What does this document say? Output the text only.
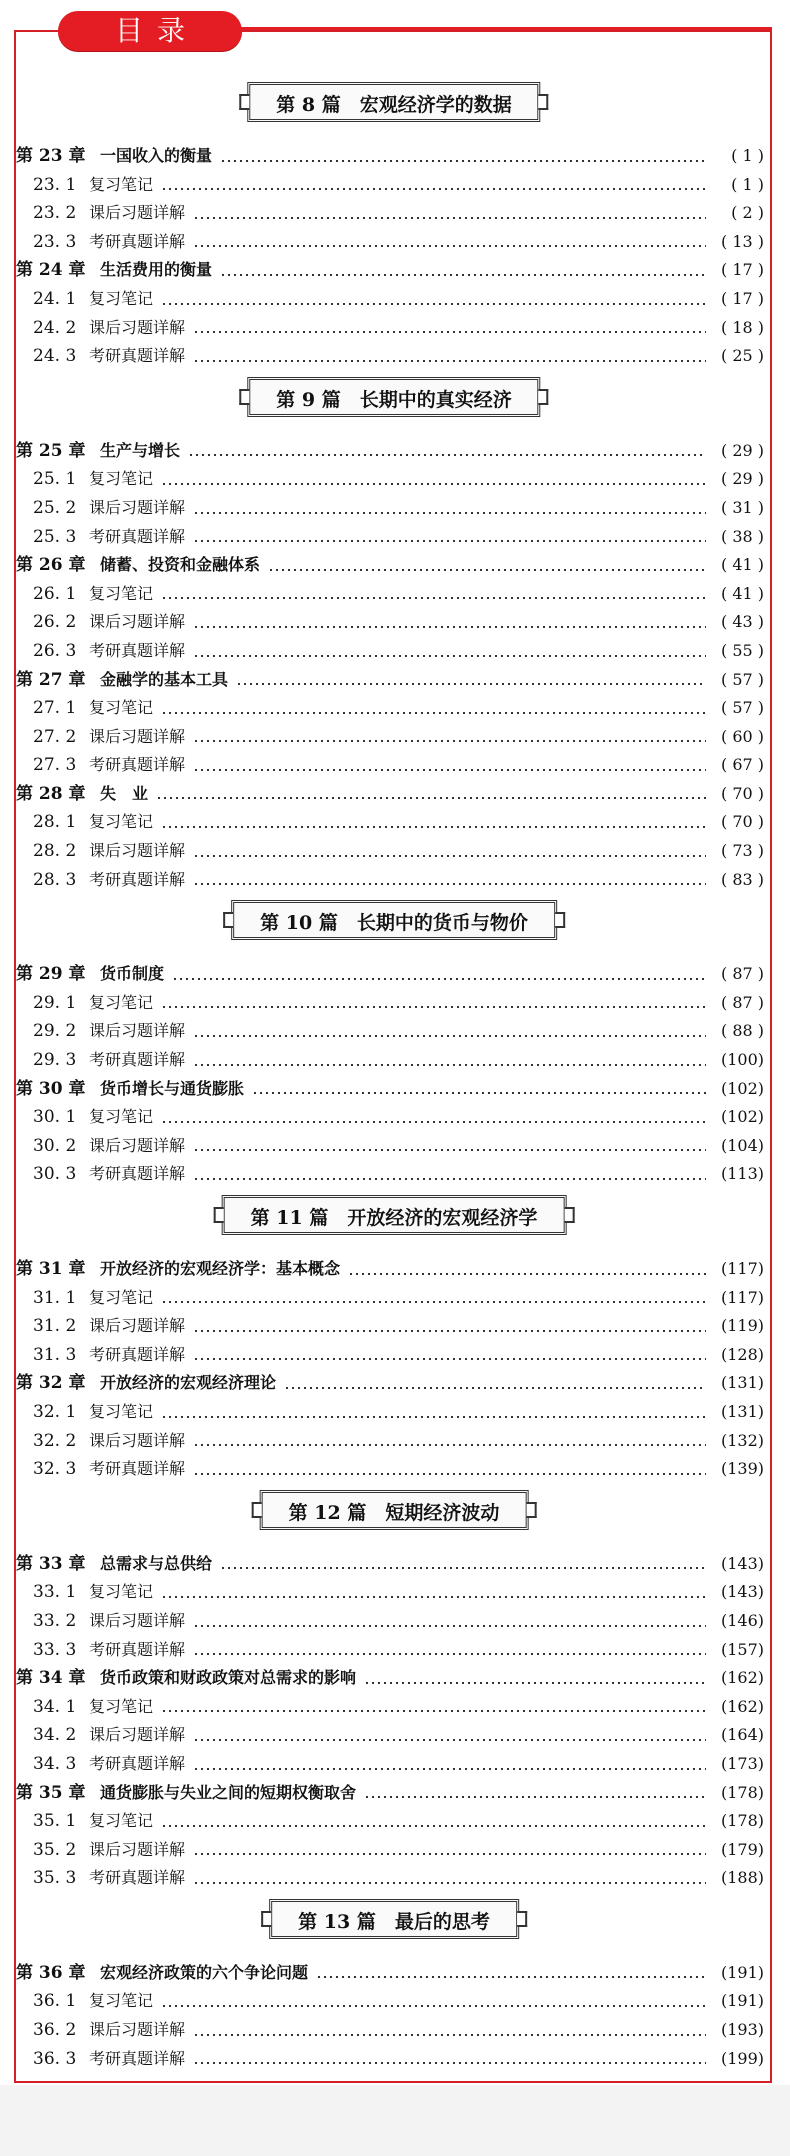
目录
第 8 篇　宏观经济学的数据
第 23 章 一国收入的衡量	( 1 )
23. 1 复习笔记	( 1 )
23. 2 课后习题详解	( 2 )
23. 3 考研真题详解	( 13 )
第 24 章 生活费用的衡量	( 17 )
24. 1 复习笔记	( 17 )
24. 2 课后习题详解	( 18 )
24. 3 考研真题详解	( 25 )
第 9 篇　长期中的真实经济
第 25 章 生产与增长	( 29 )
25. 1 复习笔记	( 29 )
25. 2 课后习题详解	( 31 )
25. 3 考研真题详解	( 38 )
第 26 章 储蓄、投资和金融体系	( 41 )
26. 1 复习笔记	( 41 )
26. 2 课后习题详解	( 43 )
26. 3 考研真题详解	( 55 )
第 27 章 金融学的基本工具	( 57 )
27. 1 复习笔记	( 57 )
27. 2 课后习题详解	( 60 )
27. 3 考研真题详解	( 67 )
第 28 章 失　业	( 70 )
28. 1 复习笔记	( 70 )
28. 2 课后习题详解	( 73 )
28. 3 考研真题详解	( 83 )
第 10 篇　长期中的货币与物价
第 29 章 货币制度	( 87 )
29. 1 复习笔记	( 87 )
29. 2 课后习题详解	( 88 )
29. 3 考研真题详解	(100)
第 30 章 货币增长与通货膨胀	(102)
30. 1 复习笔记	(102)
30. 2 课后习题详解	(104)
30. 3 考研真题详解	(113)
第 11 篇　开放经济的宏观经济学
第 31 章 开放经济的宏观经济学：基本概念	(117)
31. 1 复习笔记	(117)
31. 2 课后习题详解	(119)
31. 3 考研真题详解	(128)
第 32 章 开放经济的宏观经济理论	(131)
32. 1 复习笔记	(131)
32. 2 课后习题详解	(132)
32. 3 考研真题详解	(139)
第 12 篇　短期经济波动
第 33 章 总需求与总供给	(143)
33. 1 复习笔记	(143)
33. 2 课后习题详解	(146)
33. 3 考研真题详解	(157)
第 34 章 货币政策和财政政策对总需求的影响	(162)
34. 1 复习笔记	(162)
34. 2 课后习题详解	(164)
34. 3 考研真题详解	(173)
第 35 章 通货膨胀与失业之间的短期权衡取舍	(178)
35. 1 复习笔记	(178)
35. 2 课后习题详解	(179)
35. 3 考研真题详解	(188)
第 13 篇　最后的思考
第 36 章 宏观经济政策的六个争论问题	(191)
36. 1 复习笔记	(191)
36. 2 课后习题详解	(193)
36. 3 考研真题详解	(199)
